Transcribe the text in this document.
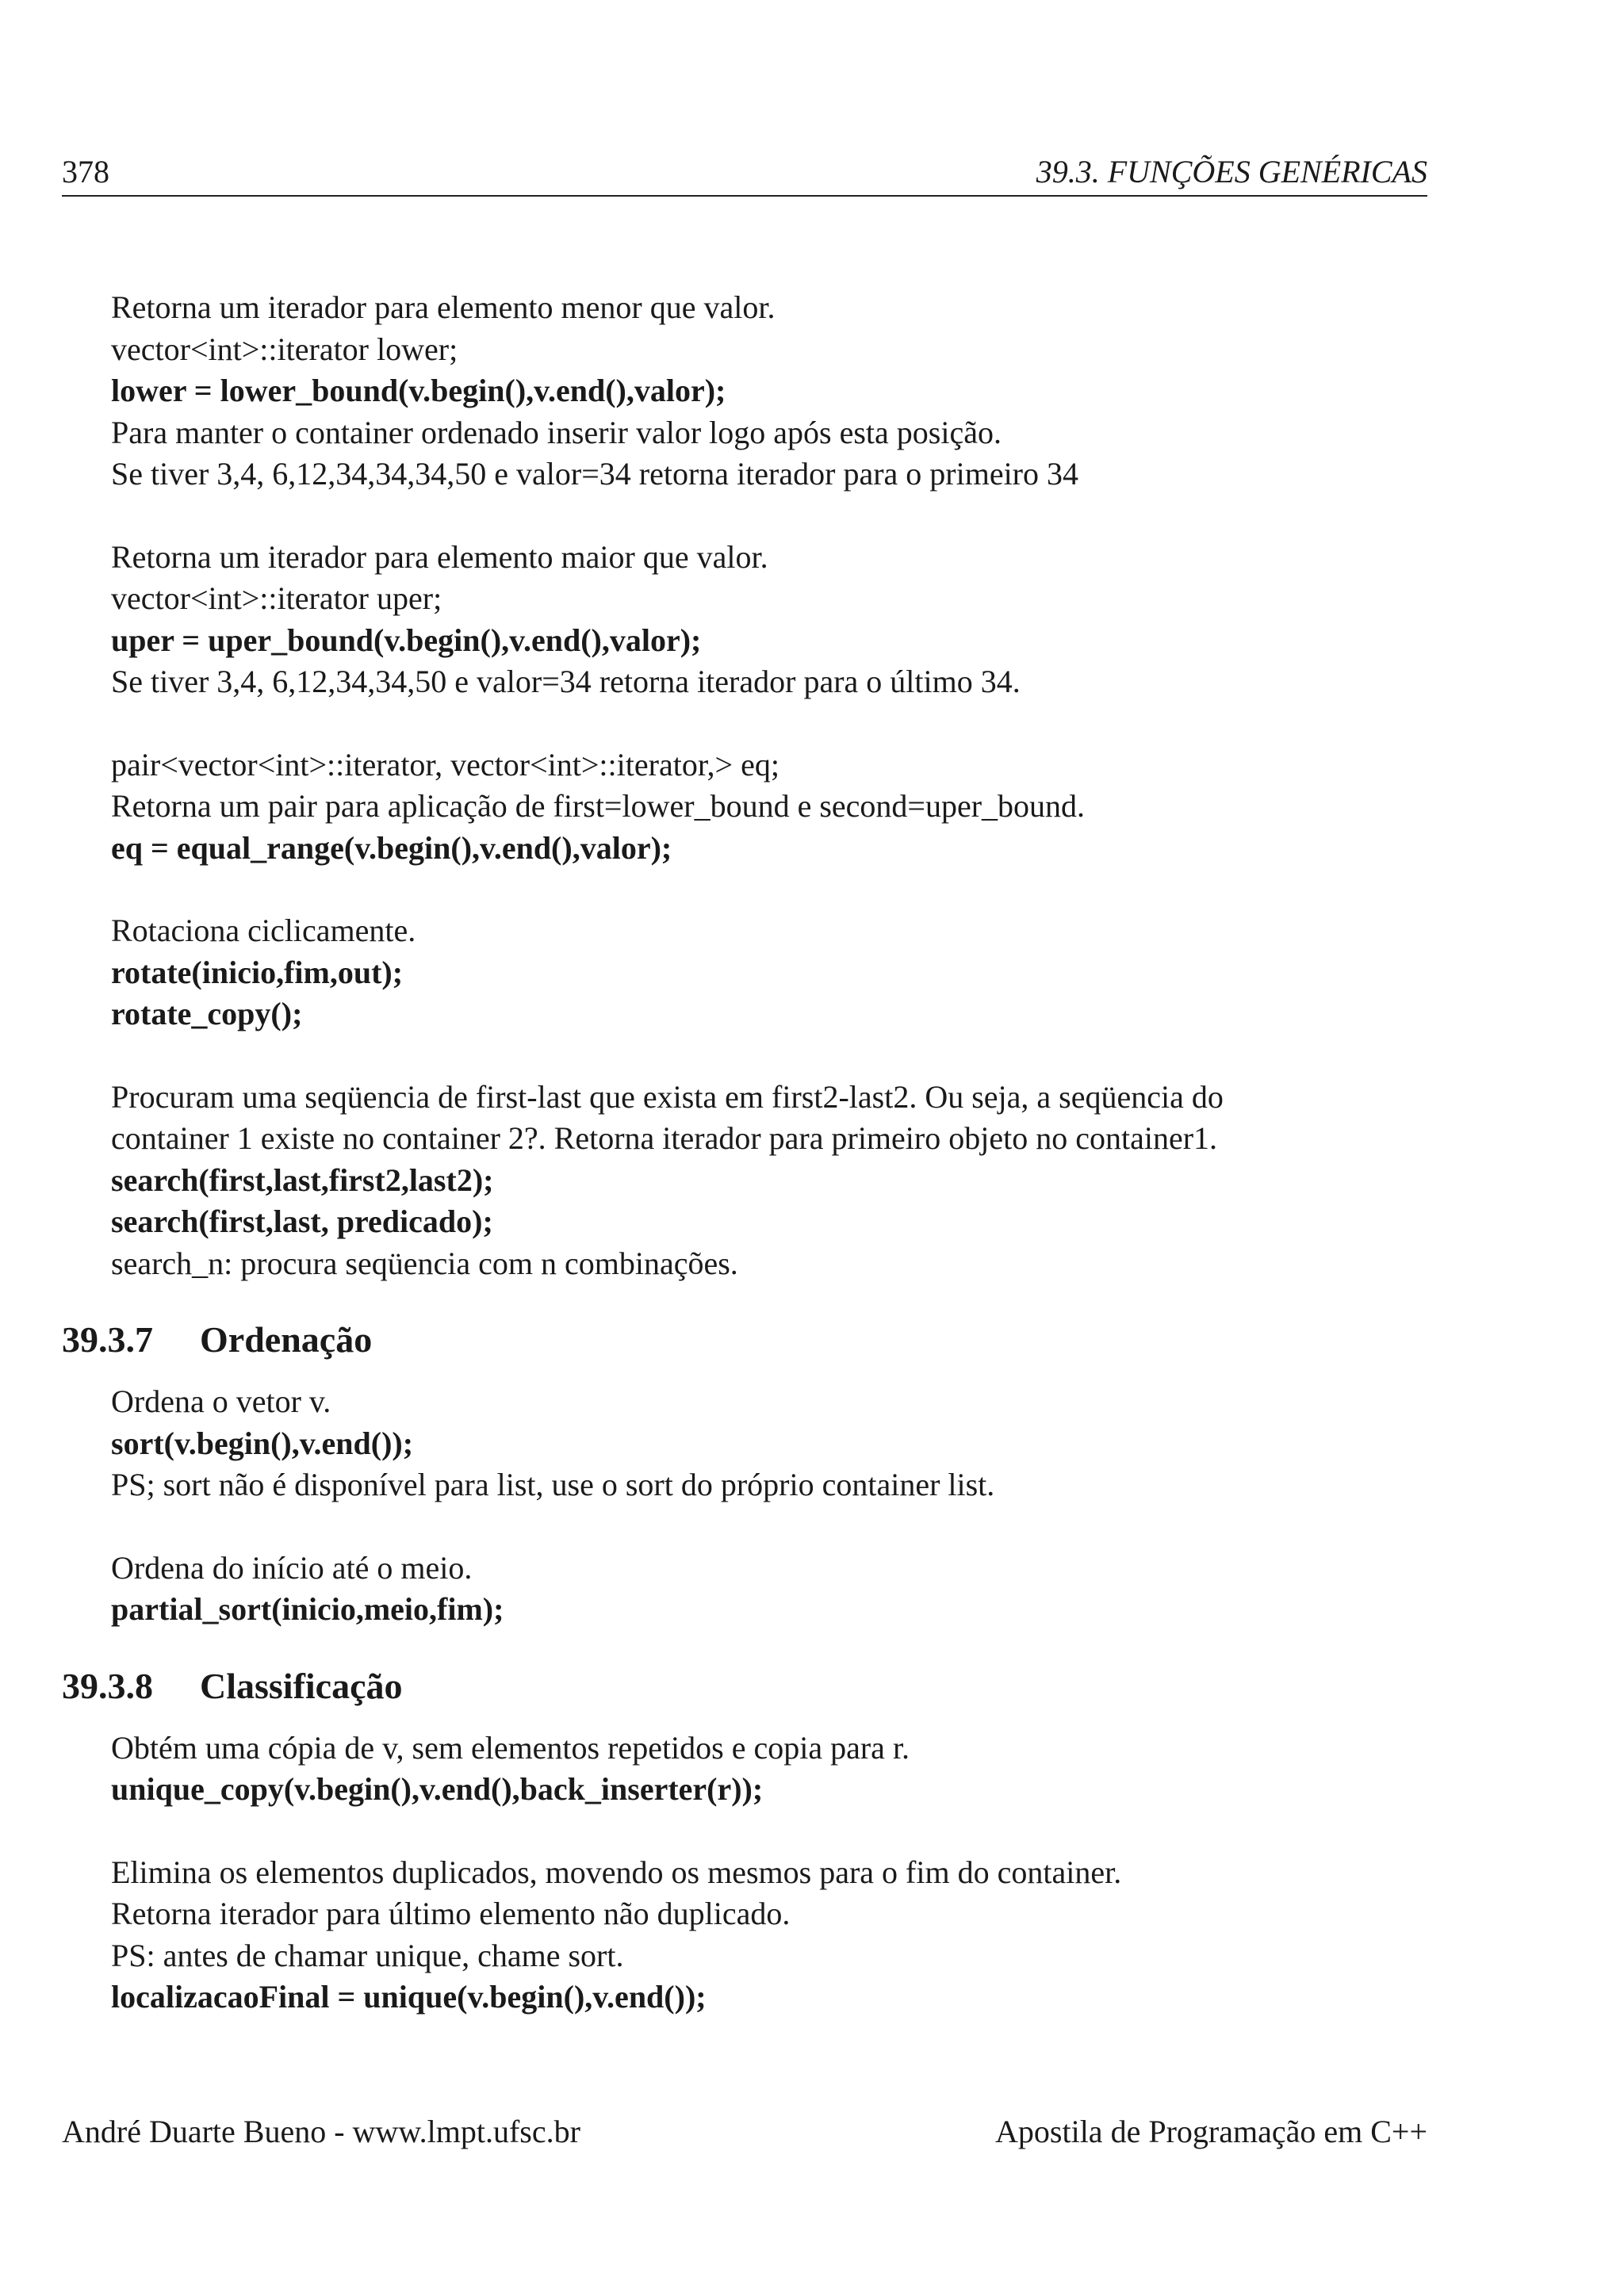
378	39.3. FUNÇÕES GENÉRICAS
Retorna um iterador para elemento menor que valor.
vector<int>::iterator lower;
lower = lower_bound(v.begin(),v.end(),valor);
Para manter o container ordenado inserir valor logo após esta posição.
Se tiver 3,4, 6,12,34,34,34,50 e valor=34 retorna iterador para o primeiro 34
Retorna um iterador para elemento maior que valor.
vector<int>::iterator uper;
uper = uper_bound(v.begin(),v.end(),valor);
Se tiver 3,4, 6,12,34,34,50 e valor=34 retorna iterador para o último 34.
pair<vector<int>::iterator, vector<int>::iterator,> eq;
Retorna um pair para aplicação de first=lower_bound e second=uper_bound.
eq = equal_range(v.begin(),v.end(),valor);
Rotaciona ciclicamente.
rotate(inicio,fim,out);
rotate_copy();
Procuram uma seqüencia de first-last que exista em first2-last2. Ou seja, a seqüencia do
container 1 existe no container 2?. Retorna iterador para primeiro objeto no container1.
search(first,last,first2,last2);
search(first,last, predicado);
search_n: procura seqüencia com n combinações.
39.3.7 Ordenação
Ordena o vetor v.
sort(v.begin(),v.end());
PS; sort não é disponível para list, use o sort do próprio container list.
Ordena do início até o meio.
partial_sort(inicio,meio,fim);
39.3.8 Classificação
Obtém uma cópia de v, sem elementos repetidos e copia para r.
unique_copy(v.begin(),v.end(),back_inserter(r));
Elimina os elementos duplicados, movendo os mesmos para o fim do container.
Retorna iterador para último elemento não duplicado.
PS: antes de chamar unique, chame sort.
localizacaoFinal = unique(v.begin(),v.end());
André Duarte Bueno - www.lmpt.ufsc.br	Apostila de Programação em C++
